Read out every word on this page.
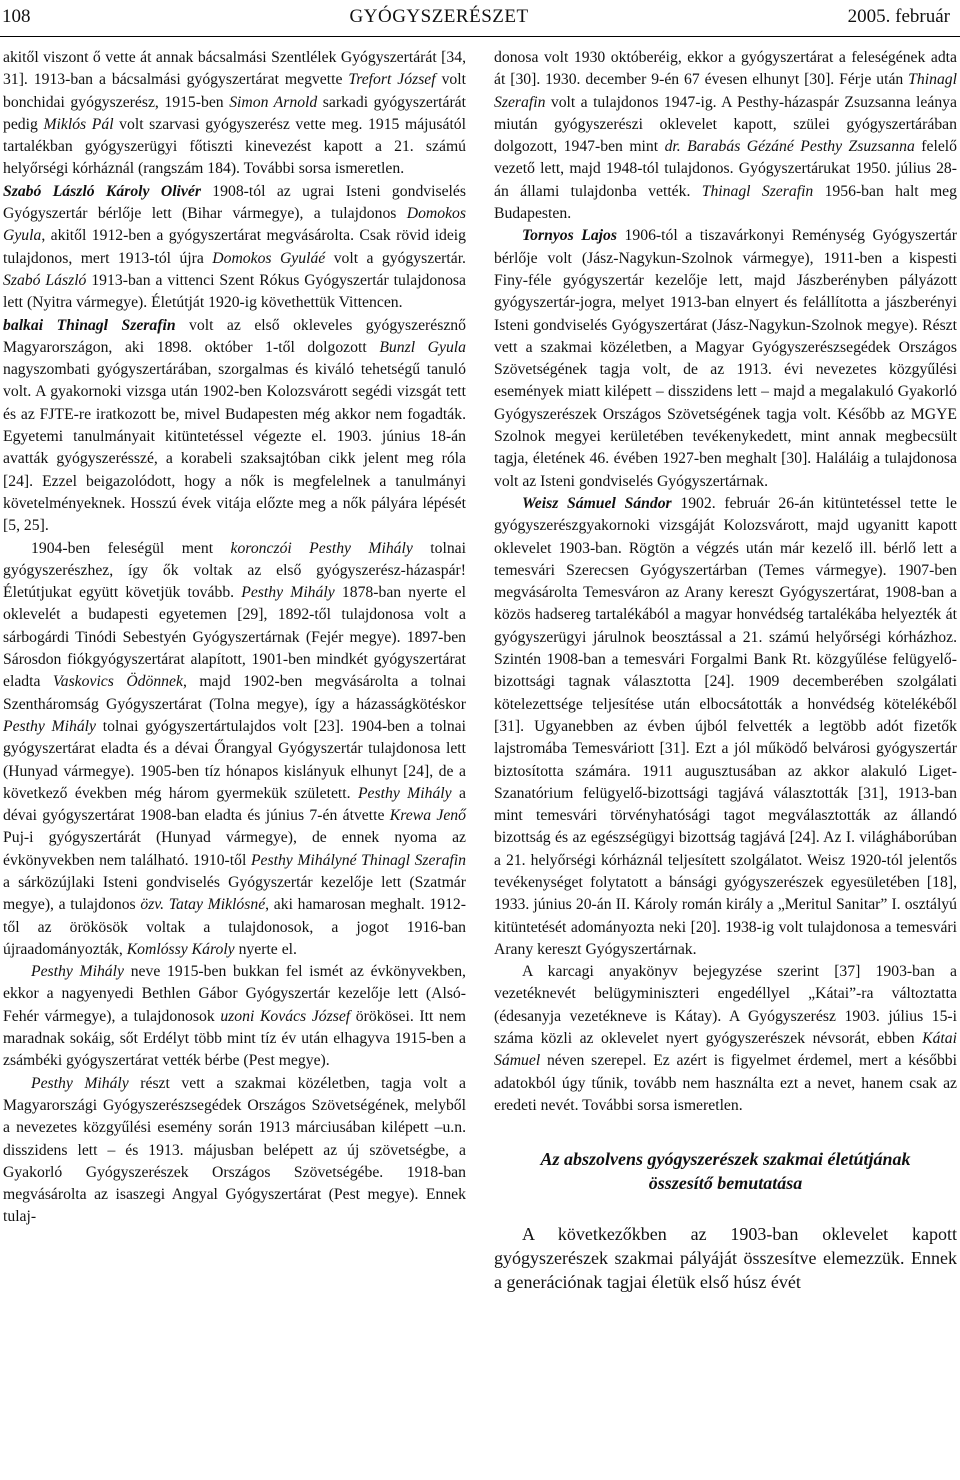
108	GYÓGYSZERÉSZET	2005. február

akitől viszont ő vette át annak bácsalmási Szentlélek Gyógyszertárát [34, 31]. 1913-ban a bácsalmási gyógyszertárat megvette Trefort József volt bonchidai gyógyszerész, 1915-ben Simon Arnold sarkadi gyógyszertárát pedig Miklós Pál volt szarvasi gyógyszerész vette meg. 1915 májusától tartalékban gyógyszerügyi főtiszti kinevezést kapott a 21. számú helyőrségi kórháznál (rangszám 184). További sorsa ismeretlen.

Szabó László Károly Olivér 1908-tól az ugrai Isteni gondviselés Gyógyszertár bérlője lett (Bihar vármegye), a tulajdonos Domokos Gyula, akitől 1912-ben a gyógyszertárat megvásárolta. Csak rövid ideig tulajdonos, mert 1913-tól újra Domokos Gyuláé volt a gyógyszertár. Szabó László 1913-ban a vittenci Szent Rókus Gyógyszertár tulajdonosa lett (Nyitra vármegye). Életútját 1920-ig követhettük Vittencen.

balkai Thinagl Szerafin volt az első okleveles gyógyszerésznő Magyarországon, aki 1898. október 1-től dolgozott Bunzl Gyula nagyszombati gyógyszertárában, szorgalmas és kiváló tehetségű tanuló volt. A gyakornoki vizsga után 1902-ben Kolozsvárott segédi vizsgát tett és az FJTE-re iratkozott be, mivel Budapesten még akkor nem fogadták. Egyetemi tanulmányait kitüntetéssel végezte el. 1903. június 18-án avatták gyógyszerésszé, a korabeli szaksajtóban cikk jelent meg róla [24]. Ezzel beigazolódott, hogy a nők is megfelelnek a tanulmányi követelményeknek. Hosszú évek vitája előzte meg a nők pályára lépését [5, 25].

1904-ben feleségül ment koronczói Pesthy Mihály tolnai gyógyszerészhez, így ők voltak az első gyógyszerész-házaspár! Életútjukat együtt követjük tovább. Pesthy Mihály 1878-ban nyerte el oklevelét a budapesti egyetemen [29], 1892-től tulajdonosa volt a sárbogárdi Tinódi Sebestyén Gyógyszertárnak (Fejér megye). 1897-ben Sárosdon fiókgyógyszertárat alapított, 1901-ben mindkét gyógyszertárat eladta Vaskovics Ödönnek, majd 1902-ben megvásárolta a tolnai Szentháromság Gyógyszertárat (Tolna megye), így a házasságkötéskor Pesthy Mihály tolnai gyógyszertártulajdos volt [23]. 1904-ben a tolnai gyógyszertárat eladta és a dévai Őrangyal Gyógyszertár tulajdonosa lett (Hunyad vármegye). 1905-ben tíz hónapos kislányuk elhunyt [24], de a következő években még három gyermekük született. Pesthy Mihály a dévai gyógyszertárat 1908-ban eladta és június 7-én átvette Krewa Jenő Puj-i gyógyszertárát (Hunyad vármegye), de ennek nyoma az évkönyvekben nem található. 1910-től Pesthy Mihályné Thinagl Szerafin a sárközújlaki Isteni gondviselés Gyógyszertár kezelője lett (Szatmár megye), a tulajdonos özv. Tatay Miklósné, aki hamarosan meghalt. 1912-től az örökösök voltak a tulajdonosok, a jogot 1916-ban újraadományozták, Komlóssy Károly nyerte el.

Pesthy Mihály neve 1915-ben bukkan fel ismét az évkönyvekben, ekkor a nagyenyedi Bethlen Gábor Gyógyszertár kezelője lett (Alsó-Fehér vármegye), a tulajdonosok uzoni Kovács József örökösei. Itt nem maradnak sokáig, sőt Erdélyt több mint tíz év után elhagyva 1915-ben a zsámbéki gyógyszertárat vették bérbe (Pest megye).

Pesthy Mihály részt vett a szakmai közéletben, tagja volt a Magyarországi Gyógyszerészsegédek Országos Szövetségének, melyből a nevezetes közgyűlési esemény során 1913 márciusában kilépett –u.n. disszidens lett – és 1913. májusban belépett az új szövetségbe, a Gyakorló Gyógyszerészek Országos Szövetségébe. 1918-ban megvásárolta az isaszegi Angyal Gyógyszertárat (Pest megye). Ennek tulaj-

donosa volt 1930 októberéig, ekkor a gyógyszertárat a feleségének adta át [30]. 1930. december 9-én 67 évesen elhunyt [30]. Férje után Thinagl Szerafin volt a tulajdonos 1947-ig. A Pesthy-házaspár Zsuzsanna leánya miután gyógyszerészi oklevelet kapott, szülei gyógyszertárában dolgozott, 1947-ben mint dr. Barabás Gézáné Pesthy Zsuzsanna felelő vezető lett, majd 1948-tól tulajdonos. Gyógyszertárukat 1950. július 28-án állami tulajdonba vették. Thinagl Szerafin 1956-ban halt meg Budapesten.

Tornyos Lajos 1906-tól a tiszavárkonyi Reménység Gyógyszertár bérlője volt (Jász-Nagykun-Szolnok vármegye), 1911-ben a kispesti Finy-féle gyógyszertár kezelője lett, majd Jászberényben pályázott gyógyszertár-jogra, melyet 1913-ban elnyert és felállította a jászberényi Isteni gondviselés Gyógyszertárat (Jász-Nagykun-Szolnok megye). Részt vett a szakmai közéletben, a Magyar Gyógyszerészsegédek Országos Szövetségének tagja volt, de az 1913. évi nevezetes közgyűlési események miatt kilépett – disszidens lett – majd a megalakuló Gyakorló Gyógyszerészek Országos Szövetségének tagja volt. Később az MGYE Szolnok megyei kerületében tevékenykedett, mint annak megbecsült tagja, életének 46. évében 1927-ben meghalt [30]. Haláláig a tulajdonosa volt az Isteni gondviselés Gyógyszertárnak.

Weisz Sámuel Sándor 1902. február 26-án kitüntetéssel tette le gyógyszerészgyakornoki vizsgáját Kolozsvárott, majd ugyanitt kapott oklevelet 1903-ban. Rögtön a végzés után már kezelő ill. bérlő lett a temesvári Szerecsen Gyógyszertárban (Temes vármegye). 1907-ben megvásárolta Temesváron az Arany kereszt Gyógyszertárat, 1908-ban a közös hadsereg tartalékából a magyar honvédség tartalékába helyezték át gyógyszerügyi járulnok beosztással a 21. számú helyőrségi kórházhoz. Szintén 1908-ban a temesvári Forgalmi Bank Rt. közgyűlése felügyelő-bizottsági tagnak választotta [24]. 1909 decemberében szolgálati kötelezettsége teljesítése után elbocsátották a honvédség kötelékéből [31]. Ugyanebben az évben újból felvették a legtöbb adót fizetők lajstromába Temesváriott [31]. Ezt a jól működő belvárosi gyógyszertár biztosította számára. 1911 augusztusában az akkor alakuló Liget-Szanatórium felügyelő-bizottsági tagjává választották [31], 1913-ban mint temesvári törvényhatósági tagot megválasztották az állandó bizottság és az egészségügyi bizottság tagjává [24]. Az I. világháborúban a 21. helyőrségi kórháznál teljesített szolgálatot. Weisz 1920-tól jelentős tevékenységet folytatott a bánsági gyógyszerészek egyesületében [18], 1933. június 20-án II. Károly román király a „Meritul Sanitar” I. osztályú kitüntetését adományozta neki [20]. 1938-ig volt tulajdonosa a temesvári Arany kereszt Gyógyszertárnak.

A karcagi anyakönyv bejegyzése szerint [37] 1903-ban a vezetéknevét belügyminiszteri engedéllyel „Kátai”-ra változtatta (édesanyja vezetékneve is Kátay). A Gyógyszerész 1903. július 15-i száma közli az oklevelet nyert gyógyszerészek névsorát, ebben Kátai Sámuel néven szerepel. Ez azért is figyelmet érdemel, mert a későbbi adatokból úgy tűnik, tovább nem használta ezt a nevet, hanem csak az eredeti nevét. További sorsa ismeretlen.

Az abszolvens gyógyszerészek szakmai életútjának
összesítő bemutatása

A következőkben az 1903-ban oklevelet kapott gyógyszerészek szakmai pályáját összesítve elemezzük. Ennek a generációnak tagjai életük első húsz évét
